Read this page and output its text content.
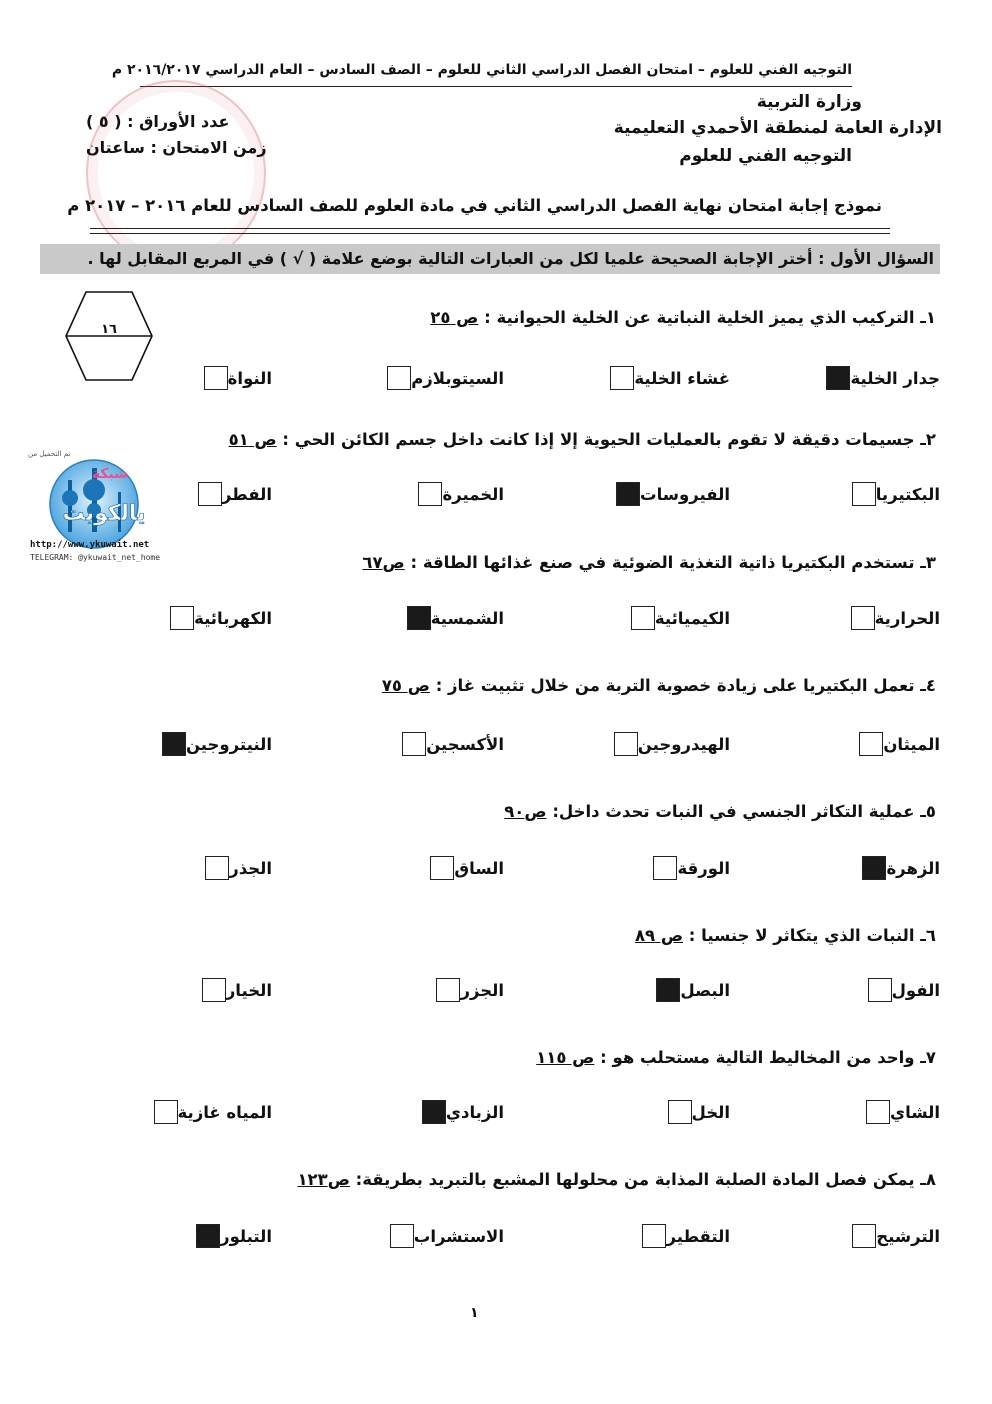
التوجيه الفني للعلوم – امتحان الفصل الدراسي الثاني للعلوم – الصف السادس – العام الدراسي ٢٠١٦/٢٠١٧ م
وزارة التربية
الإدارة العامة لمنطقة الأحمدي التعليمية
التوجيه الفني للعلوم
عدد الأوراق : ( ٥ )
زمن الامتحان : ساعتان
نموذج إجابة امتحان نهاية الفصل الدراسي الثاني في مادة العلوم للصف السادس للعام ٢٠١٦ – ٢٠١٧ م
السؤال الأول : أختر الإجابة الصحيحة علميا لكل من العبارات التالية بوضع علامة ( √ ) في المربع المقابل لها .
١٦
تم التحميل من
شبكة
يالكويت
http://www.ykuwait.net
TELEGRAM: @ykuwait_net_home
١ـ التركيب الذي يميز الخلية النباتية عن الخلية الحيوانية : ص ٢٥
٢ـ جسيمات دقيقة لا تقوم بالعمليات الحيوية إلا إذا كانت داخل جسم الكائن الحي : ص ٥١
٣ـ تستخدم البكتيريا ذاتية التغذية الضوئية في صنع غذائها الطاقة : ص٦٧
٤ـ تعمل البكتيريا على زيادة خصوبة التربة من خلال تثبيت غاز : ص ٧٥
٥ـ عملية التكاثر الجنسي في النبات تحدث داخل: ص٩٠
٦ـ النبات الذي يتكاثر لا جنسيا : ص ٨٩
٧ـ واحد من المخاليط التالية مستحلب هو : ص ١١٥
٨ـ يمكن فصل المادة الصلبة المذابة من محلولها المشبع بالتبريد بطريقة: ص١٢٣
جدار الخلية
غشاء الخلية
السيتوبلازم
النواة
البكتيريا
الفيروسات
الخميرة
الفطر
الحرارية
الكيميائية
الشمسية
الكهربائية
الميثان
الهيدروجين
الأكسجين
النيتروجين
الزهرة
الورقة
الساق
الجذر
الفول
البصل
الجزر
الخيار
الشاي
الخل
الزبادي
المياه غازية
الترشيح
التقطير
الاستشراب
التبلور
١
